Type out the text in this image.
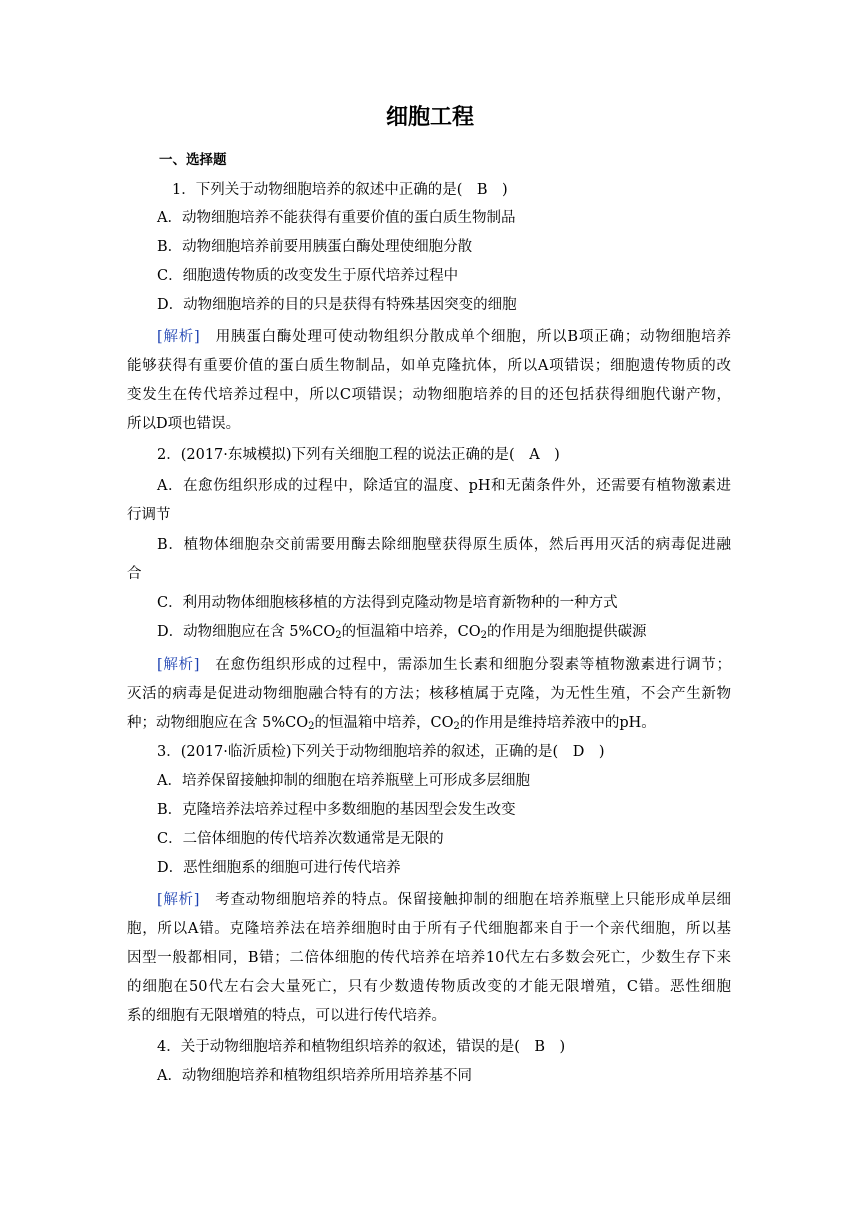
细胞工程
一、选择题
1．下列关于动物细胞培养的叙述中正确的是(　B　)
A．动物细胞培养不能获得有重要价值的蛋白质生物制品
B．动物细胞培养前要用胰蛋白酶处理使细胞分散
C．细胞遗传物质的改变发生于原代培养过程中
D．动物细胞培养的目的只是获得有特殊基因突变的细胞
[解析]　用胰蛋白酶处理可使动物组织分散成单个细胞，所以B项正确；动物细胞培养
能够获得有重要价值的蛋白质生物制品，如单克隆抗体，所以A项错误；细胞遗传物质的改
变发生在传代培养过程中，所以C项错误；动物细胞培养的目的还包括获得细胞代谢产物，
所以D项也错误。
2．(2017·东城模拟)下列有关细胞工程的说法正确的是(　A　)
A．在愈伤组织形成的过程中，除适宜的温度、pH和无菌条件外，还需要有植物激素进
行调节
B．植物体细胞杂交前需要用酶去除细胞壁获得原生质体，然后再用灭活的病毒促进融
合
C．利用动物体细胞核移植的方法得到克隆动物是培育新物种的一种方式
D．动物细胞应在含 $5\%CO_2$的恒温箱中培养，$CO_2$的作用是为细胞提供碳源
[解析]　在愈伤组织形成的过程中，需添加生长素和细胞分裂素等植物激素进行调节；
灭活的病毒是促进动物细胞融合特有的方法；核移植属于克隆，为无性生殖，不会产生新物
种；动物细胞应在含 $5\%CO_2$的恒温箱中培养，$CO_2$的作用是维持培养液中的pH。
3．(2017·临沂质检)下列关于动物细胞培养的叙述，正确的是(　D　)
A．培养保留接触抑制的细胞在培养瓶壁上可形成多层细胞
B．克隆培养法培养过程中多数细胞的基因型会发生改变
C．二倍体细胞的传代培养次数通常是无限的
D．恶性细胞系的细胞可进行传代培养
[解析]　考查动物细胞培养的特点。保留接触抑制的细胞在培养瓶壁上只能形成单层细
胞，所以A错。克隆培养法在培养细胞时由于所有子代细胞都来自于一个亲代细胞，所以基
因型一般都相同，B错；二倍体细胞的传代培养在培养10代左右多数会死亡，少数生存下来
的细胞在50代左右会大量死亡，只有少数遗传物质改变的才能无限增殖，C错。恶性细胞
系的细胞有无限增殖的特点，可以进行传代培养。
4．关于动物细胞培养和植物组织培养的叙述，错误的是(　B　)
A．动物细胞培养和植物组织培养所用培养基不同
